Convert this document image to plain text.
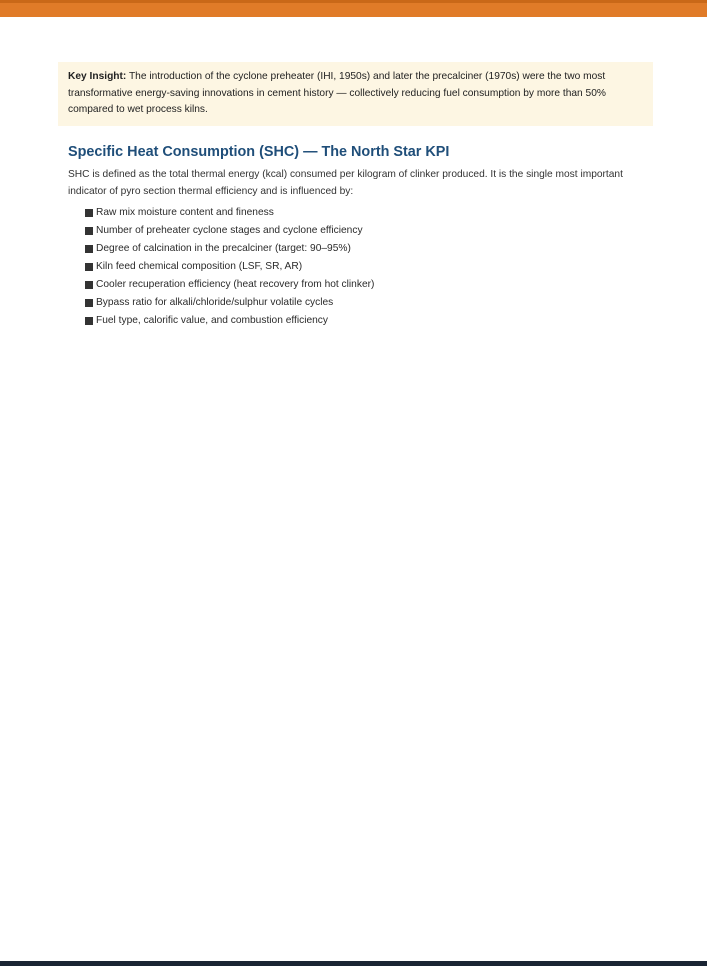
Key Insight: The introduction of the cyclone preheater (IHI, 1950s) and later the precalciner (1970s) were the two most transformative energy-saving innovations in cement history — collectively reducing fuel consumption by more than 50% compared to wet process kilns.
Specific Heat Consumption (SHC) — The North Star KPI

SHC is defined as the total thermal energy (kcal) consumed per kilogram of clinker produced. It is the single most important indicator of pyro section thermal efficiency and is influenced by:

Raw mix moisture content and fineness
Number of preheater cyclone stages and cyclone efficiency
Degree of calcination in the precalciner (target: 90–95%)
Kiln feed chemical composition (LSF, SR, AR)
Cooler recuperation efficiency (heat recovery from hot clinker)
Bypass ratio for alkali/chloride/sulphur volatile cycles
Fuel type, calorific value, and combustion efficiency
